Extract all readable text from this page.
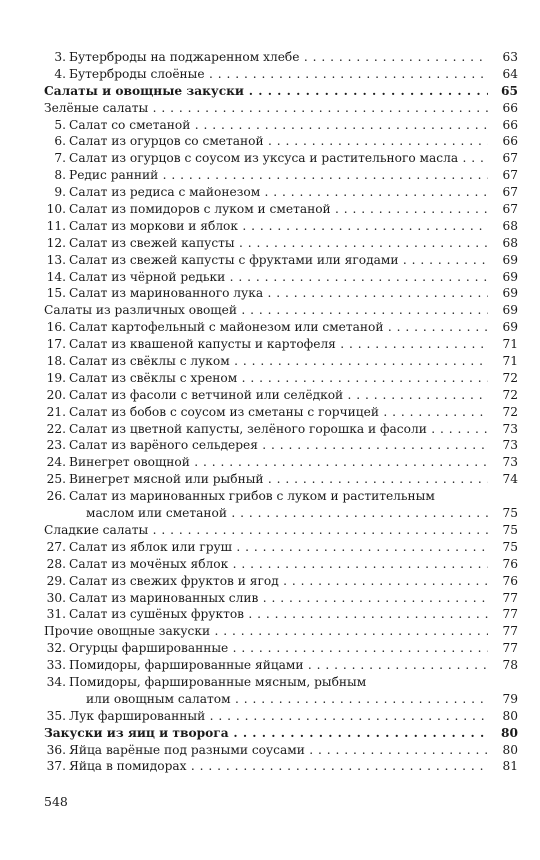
3. Бутерброды на поджаренном хлебе . . .	63
4. Бутерброды слоёные . . .	64
Салаты и овощные закуски . . .	65
Зелёные салаты . . .	66
5. Салат со сметаной . . .	66
6. Салат из огурцов со сметаной . . .	66
7. Салат из огурцов с соусом из уксуса и растительного масла . . .	67
8. Редис ранний . . .	67
9. Салат из редиса с майонезом . . .	67
10. Салат из помидоров с луком и сметаной . . .	67
11. Салат из моркови и яблок . . .	68
12. Салат из свежей капусты . . .	68
13. Салат из свежей капусты с фруктами или ягодами . . .	69
14. Салат из чёрной редьки . . .	69
15. Салат из маринованного лука . . .	69
Салаты из различных овощей . . .	69
16. Салат картофельный с майонезом или сметаной . . .	69
17. Салат из квашеной капусты и картофеля . . .	71
18. Салат из свёклы с луком . . .	71
19. Салат из свёклы с хреном . . .	72
20. Салат из фасоли с ветчиной или селёдкой . . .	72
21. Салат из бобов с соусом из сметаны с горчицей . . .	72
22. Салат из цветной капусты, зелёного горошка и фасоли . . .	73
23. Салат из варёного сельдерея . . .	73
24. Винегрет овощной . . .	73
25. Винегрет мясной или рыбный . . .	74
26. Салат из маринованных грибов с луком и растительным
маслом или сметаной . . .	75
Сладкие салаты . . .	75
27. Салат из яблок или груш . . .	75
28. Салат из мочёных яблок . . .	76
29. Салат из свежих фруктов и ягод . . .	76
30. Салат из маринованных слив . . .	77
31. Салат из сушёных фруктов . . .	77
Прочие овощные закуски . . .	77
32. Огурцы фаршированные . . .	77
33. Помидоры, фаршированные яйцами . . .	78
34. Помидоры, фаршированные мясным, рыбным
или овощным салатом . . .	79
35. Лук фаршированный . . .	80
Закуски из яиц и творога . . .	80
36. Яйца варёные под разными соусами . . .	80
37. Яйца в помидорах . . .	81
548
